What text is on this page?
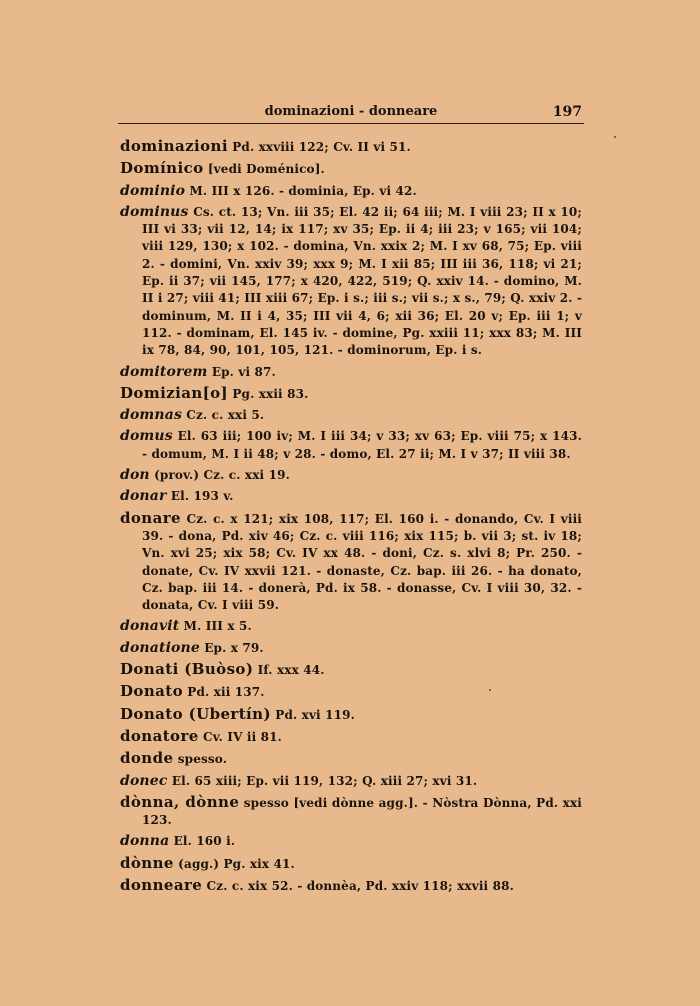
dominazioni - donneare	197
dominazioni Pd. xxviii 122; Cv. II vi 51.
Domínico [vedi Doménico].
dominio M. III x 126. - dominia, Ep. vi 42.
dominus Cs. ct. 13; Vn. iii 35; El. 42 ii; 64 iii; M. I viii 23; II x 10; III vi 33; vii 12, 14; ix 117; xv 35; Ep. ii 4; iii 23; v 165; vii 104; viii 129, 130; x 102. - domina, Vn. xxix 2; M. I xv 68, 75; Ep. viii 2. - domini, Vn. xxiv 39; xxx 9; M. I xii 85; III iii 36, 118; vi 21; Ep. ii 37; vii 145, 177; x 420, 422, 519; Q. xxiv 14. - domino, M. II i 27; viii 41; III xiii 67; Ep. i s.; iii s.; vii s.; x s., 79; Q. xxiv 2. - dominum, M. II i 4, 35; III vii 4, 6; xii 36; El. 20 v; Ep. iii 1; v 112. - dominam, El. 145 iv. - domine, Pg. xxiii 11; xxx 83; M. III ix 78, 84, 90, 101, 105, 121. - dominorum, Ep. i s.
domitorem Ep. vi 87.
Domizian[o] Pg. xxii 83.
domnas Cz. c. xxi 5.
domus El. 63 iii; 100 iv; M. I iii 34; v 33; xv 63; Ep. viii 75; x 143. - domum, M. I ii 48; v 28. - domo, El. 27 ii; M. I v 37; II viii 38.
don (prov.) Cz. c. xxi 19.
donar El. 193 v.
donare Cz. c. x 121; xix 108, 117; El. 160 i. - donando, Cv. I viii 39. - dona, Pd. xiv 46; Cz. c. viii 116; xix 115; b. vii 3; st. iv 18; Vn. xvi 25; xix 58; Cv. IV xx 48. - doni, Cz. s. xlvi 8; Pr. 250. - donate, Cv. IV xxvii 121. - donaste, Cz. bap. iii 26. - ha donato, Cz. bap. iii 14. - donerà, Pd. ix 58. - donasse, Cv. I viii 30, 32. - donata, Cv. I viii 59.
donavit M. III x 5.
donatione Ep. x 79.
Donati (Buòso) If. xxx 44.
Donato Pd. xii 137.
Donato (Ubertín) Pd. xvi 119.
donatore Cv. IV ii 81.
donde spesso.
donec El. 65 xiii; Ep. vii 119, 132; Q. xiii 27; xvi 31.
dònna, dònne spesso [vedi dònne agg.]. - Nòstra Dònna, Pd. xxi 123.
donna El. 160 i.
dònne (agg.) Pg. xix 41.
donneare Cz. c. xix 52. - donnèa, Pd. xxiv 118; xxvii 88.
